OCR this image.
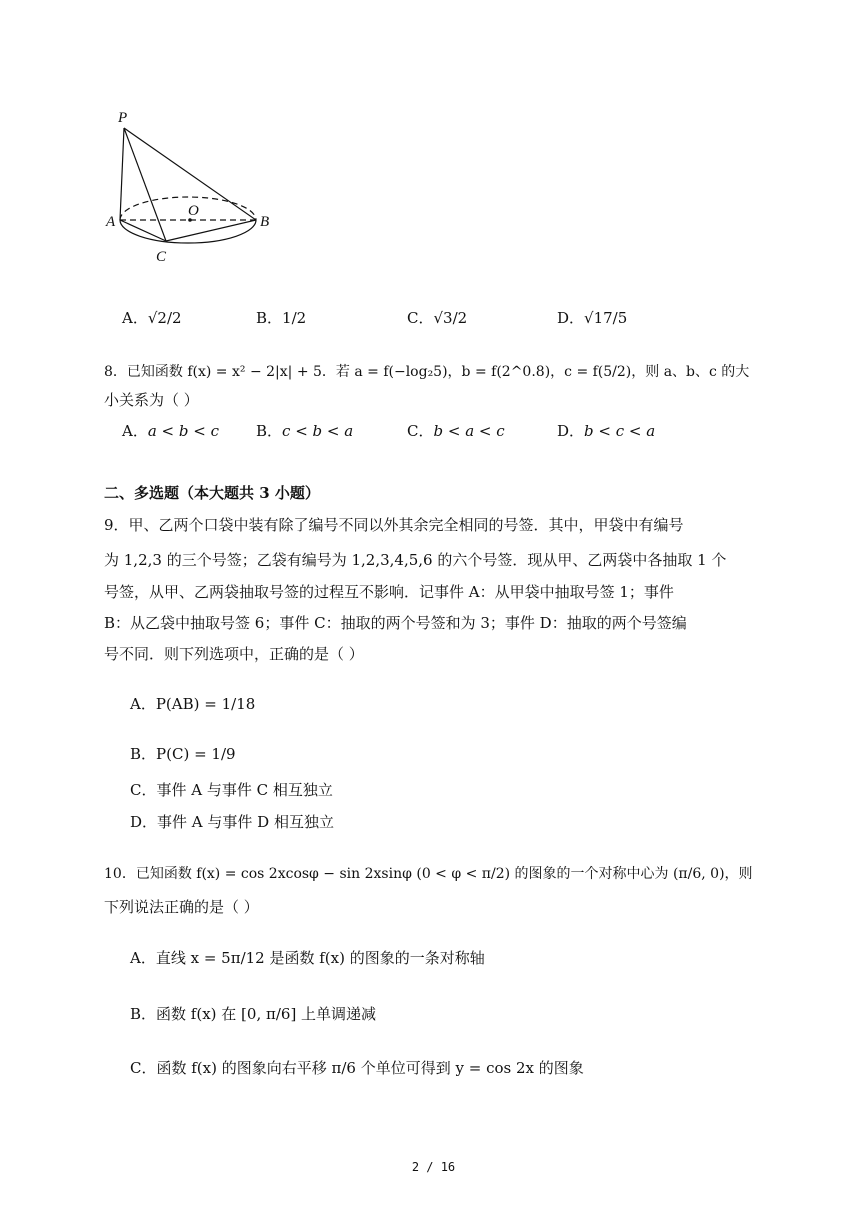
P
O
A	B
C
A．√2/2	B．1/2	C．√3/2	D．√17/5
8．已知函数 f(x) = x² − 2|x| + 5．若 a = f(−log₂5)，b = f(2^0.8)，c = f(5/2)，则 a、b、c 的大
小关系为（ ）
A．a < b < c B．c < b < a	C．b < a < c	D．b < c < a
二、多选题（本大题共 3 小题）
9．甲、乙两个口袋中装有除了编号不同以外其余完全相同的号签．其中，甲袋中有编号
为 1,2,3 的三个号签；乙袋有编号为 1,2,3,4,5,6 的六个号签．现从甲、乙两袋中各抽取 1 个
号签，从甲、乙两袋抽取号签的过程互不影响．记事件 A：从甲袋中抽取号签 1；事件
B：从乙袋中抽取号签 6；事件 C：抽取的两个号签和为 3；事件 D：抽取的两个号签编
号不同．则下列选项中，正确的是（ ）
A．P(AB) = 1/18
B．P(C) = 1/9
C．事件 A 与事件 C 相互独立
D．事件 A 与事件 D 相互独立
10．已知函数 f(x) = cos 2xcosφ − sin 2xsinφ (0 < φ < π/2) 的图象的一个对称中心为 (π/6, 0)，则
下列说法正确的是（ ）
A．直线 x = 5π/12 是函数 f(x) 的图象的一条对称轴
B．函数 f(x) 在 [0, π/6] 上单调递减
C．函数 f(x) 的图象向右平移 π/6 个单位可得到 y = cos 2x 的图象
2 / 16
